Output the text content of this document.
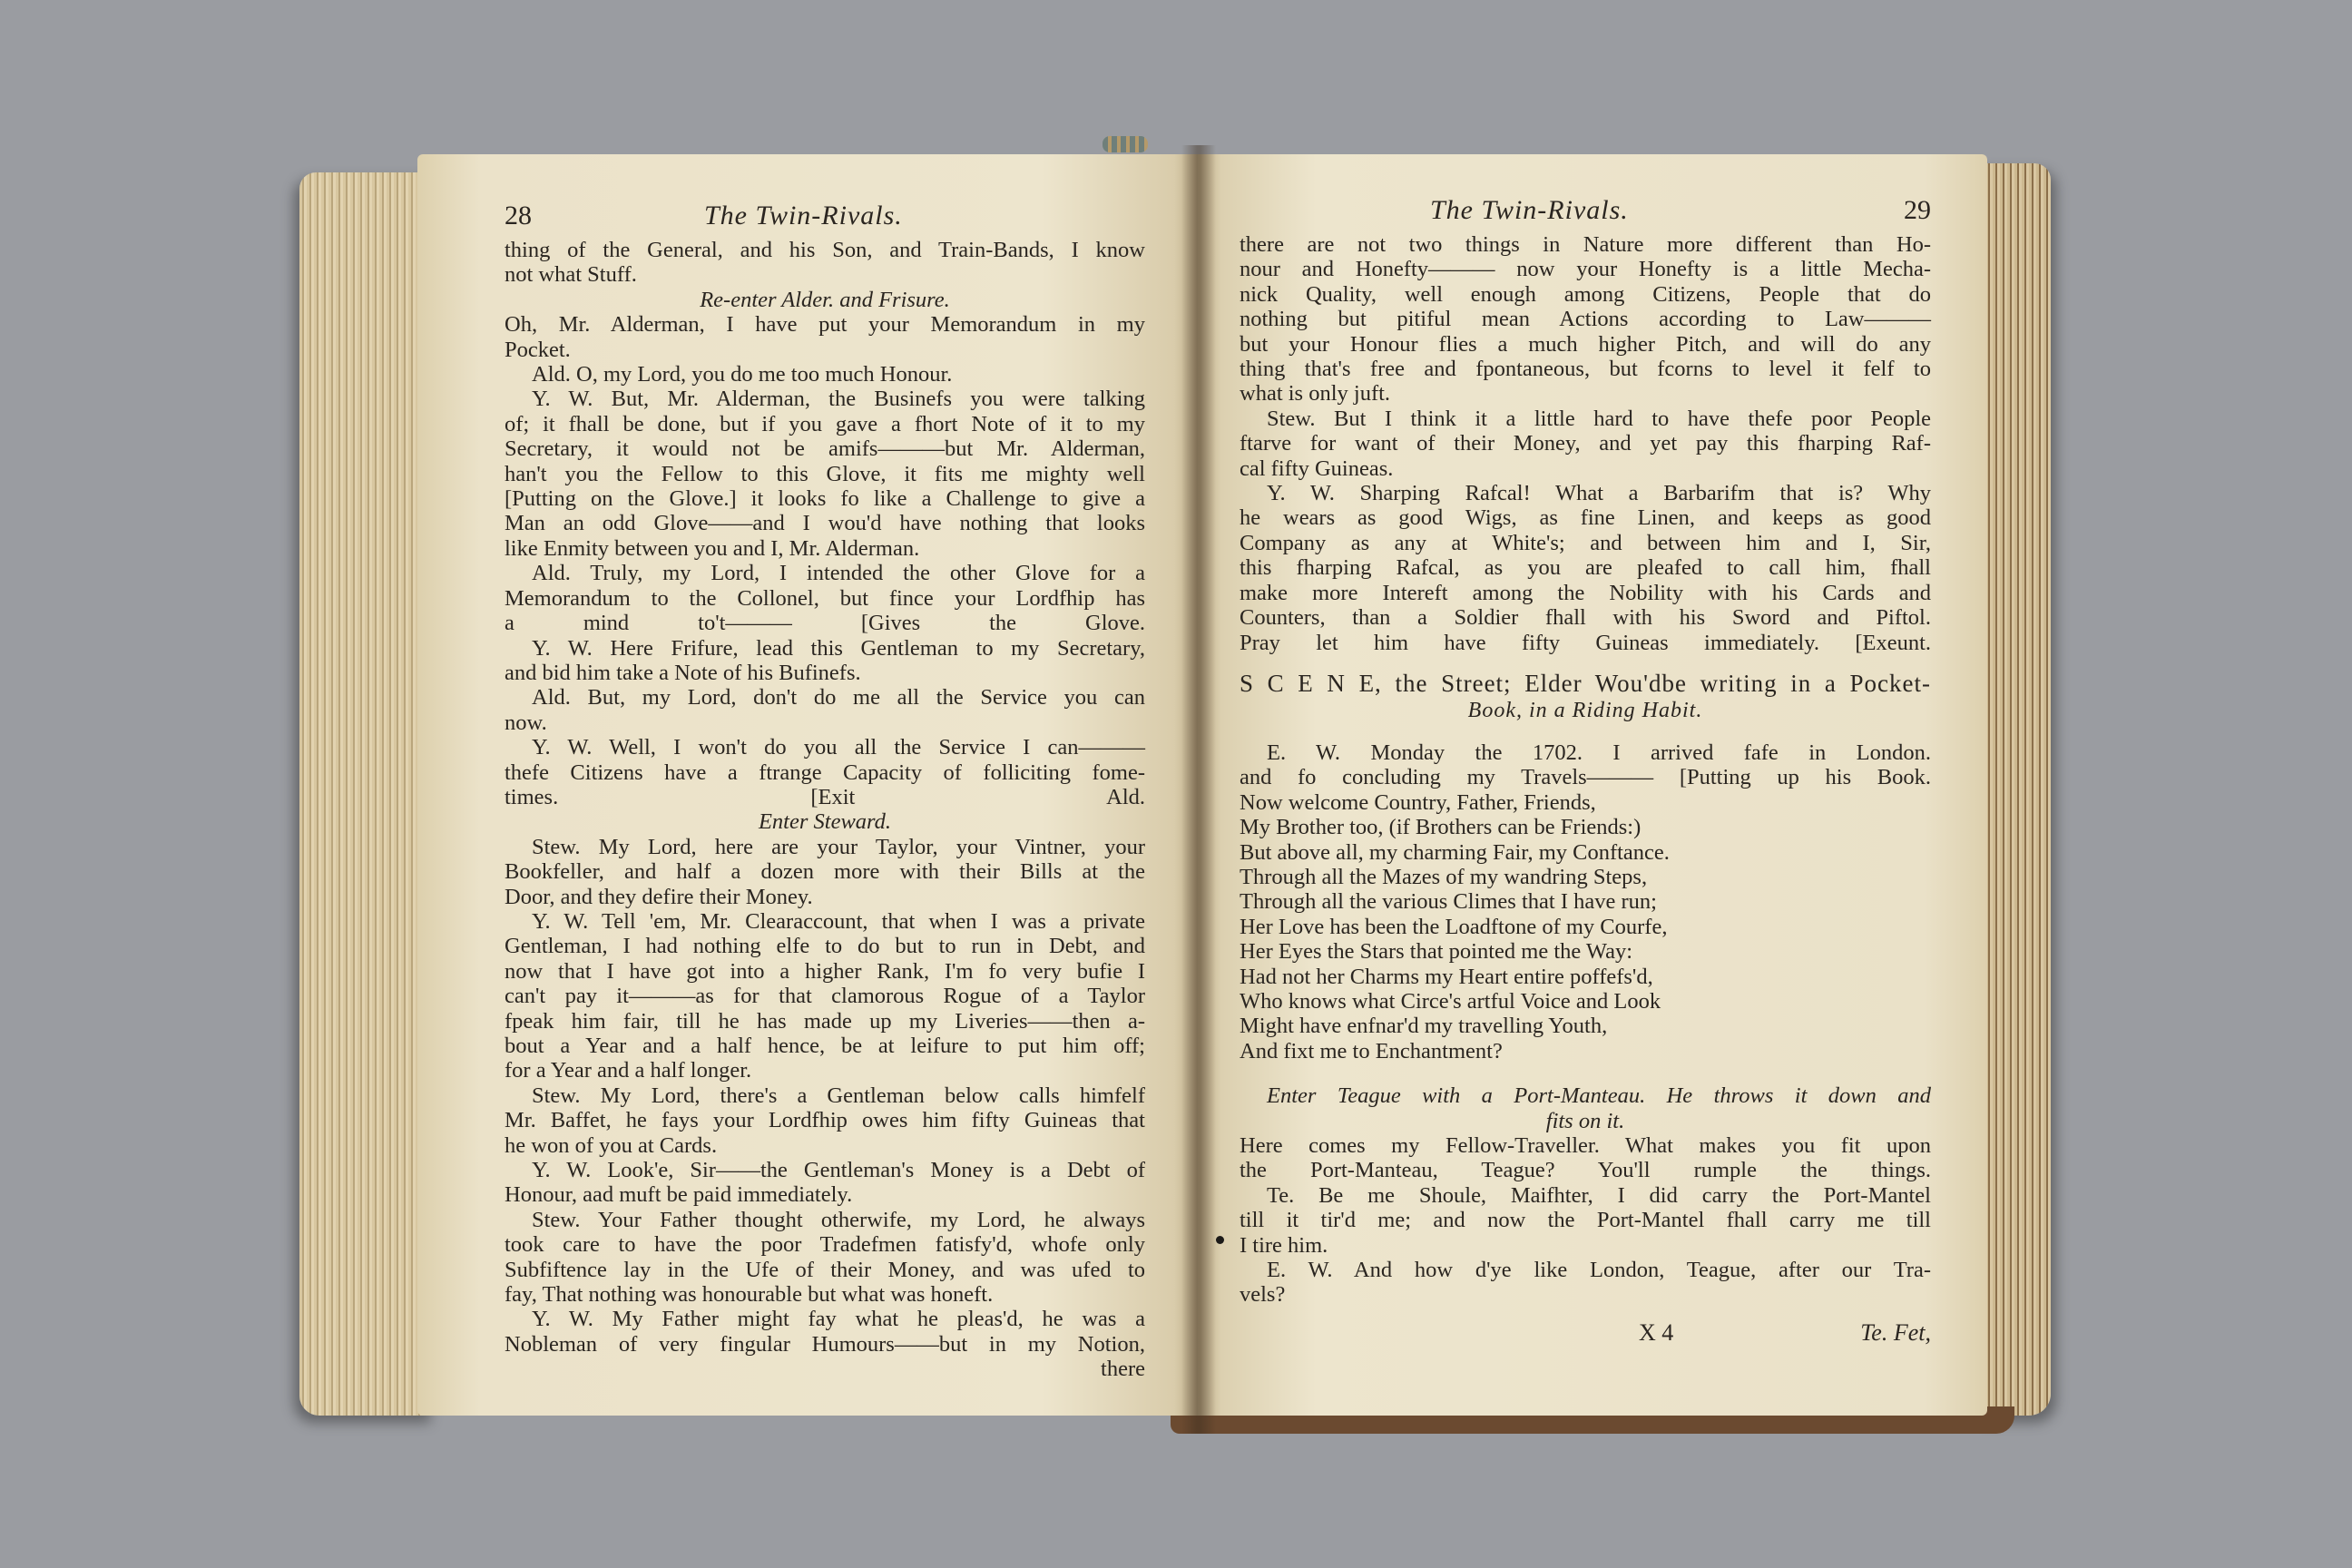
28	The Twin-Rivals.
thing of the General, and his Son, and Train-Bands, I know
not what Stuff.
Re-enter Alder. and Frisure.
Oh, Mr. Alderman, I have put your Memorandum in my
Pocket.
Ald. O, my Lord, you do me too much Honour.
Y. W. But, Mr. Alderman, the Businefs you were talking
of; it fhall be done, but if you gave a fhort Note of it to my
Secretary, it would not be amifs———but Mr. Alderman,
han't you the Fellow to this Glove, it fits me mighty well
[Putting on the Glove.] it looks fo like a Challenge to give a
Man an odd Glove——and I wou'd have nothing that looks
like Enmity between you and I, Mr. Alderman.
Ald. Truly, my Lord, I intended the other Glove for a
Memorandum to the Collonel, but fince your Lordfhip has
a mind to't——— [Gives the Glove.
Y. W. Here Frifure, lead this Gentleman to my Secretary,
and bid him take a Note of his Bufinefs.
Ald. But, my Lord, don't do me all the Service you can
now.
Y. W. Well, I won't do you all the Service I can———
thefe Citizens have a ftrange Capacity of folliciting fome-
times. [Exit Ald.
Enter Steward.
Stew. My Lord, here are your Taylor, your Vintner, your
Bookfeller, and half a dozen more with their Bills at the
Door, and they defire their Money.
Y. W. Tell 'em, Mr. Clearaccount, that when I was a private
Gentleman, I had nothing elfe to do but to run in Debt, and
now that I have got into a higher Rank, I'm fo very bufie I
can't pay it———as for that clamorous Rogue of a Taylor
fpeak him fair, till he has made up my Liveries——then a-
bout a Year and a half hence, be at leifure to put him off;
for a Year and a half longer.
Stew. My Lord, there's a Gentleman below calls himfelf
Mr. Baffet, he fays your Lordfhip owes him fifty Guineas that
he won of you at Cards.
Y. W. Look'e, Sir——the Gentleman's Money is a Debt of
Honour, aad muft be paid immediately.
Stew. Your Father thought otherwife, my Lord, he always
took care to have the poor Tradefmen fatisfy'd, whofe only
Subfiftence lay in the Ufe of their Money, and was ufed to
fay, That nothing was honourable but what was honeft.
Y. W. My Father might fay what he pleas'd, he was a
Nobleman of very fingular Humours——but in my Notion,
there
The Twin-Rivals.	29
there are not two things in Nature more different than Ho-
nour and Honefty——— now your Honefty is a little Mecha-
nick Quality, well enough among Citizens, People that do
nothing but pitiful mean Actions according to Law———
but your Honour flies a much higher Pitch, and will do any
thing that's free and fpontaneous, but fcorns to level it felf to
what is only juft.
Stew. But I think it a little hard to have thefe poor People
ftarve for want of their Money, and yet pay this fharping Raf-
cal fifty Guineas.
Y. W. Sharping Rafcal! What a Barbarifm that is? Why
he wears as good Wigs, as fine Linen, and keeps as good
Company as any at White's; and between him and I, Sir,
this fharping Rafcal, as you are pleafed to call him, fhall
make more Intereft among the Nobility with his Cards and
Counters, than a Soldier fhall with his Sword and Piftol.
Pray let him have fifty Guineas immediately. [Exeunt.
S C E N E, the Street; Elder Wou'dbe writing in a Pocket-
Book, in a Riding Habit.
E. W. Monday the 1702. I arrived fafe in London.
and fo concluding my Travels——— [Putting up his Book.
Now welcome Country, Father, Friends,
My Brother too, (if Brothers can be Friends:)
But above all, my charming Fair, my Conftance.
Through all the Mazes of my wandring Steps,
Through all the various Climes that I have run;
Her Love has been the Loadftone of my Courfe,
Her Eyes the Stars that pointed me the Way:
Had not her Charms my Heart entire poffefs'd,
Who knows what Circe's artful Voice and Look
Might have enfnar'd my travelling Youth,
And fixt me to Enchantment?
Enter Teague with a Port-Manteau. He throws it down and
fits on it.
Here comes my Fellow-Traveller. What makes you fit upon
the Port-Manteau, Teague? You'll rumple the things.
Te. Be me Shoule, Maifhter, I did carry the Port-Mantel
till it tir'd me; and now the Port-Mantel fhall carry me till
I tire him.
E. W. And how d'ye like London, Teague, after our Tra-
vels?
X 4	Te. Fet,
